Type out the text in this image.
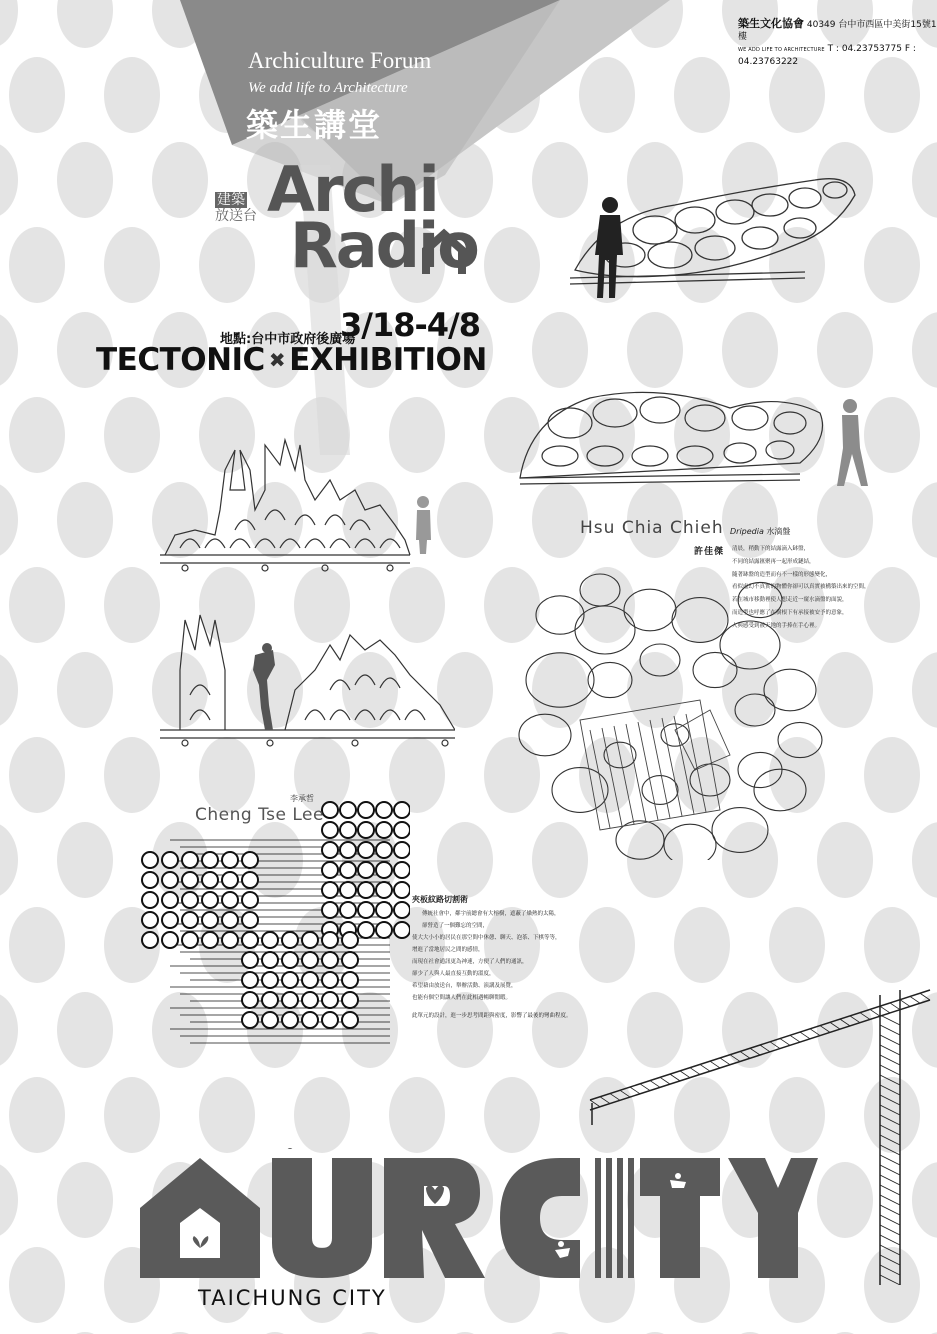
築生文化協會 40349 台中市西區中美街15號1樓
WE ADD LIFE TO ARCHITECTURE T : 04.23753775 F : 04.23763222
Archiculture Forum
We add life to Architecture
築生講堂
建築
放送台 Archi
Radio
地點:台中市政府後廣場
3/18-4/8
TECTONIC ✖ EXHIBITION
Hsu Chia Chieh Dripedia 水滴盤
許佳傑 清晨，稍動下的結露滴入缽盤，
不同的結露匯聚再一起形成鏈結，
隨著缽盤的造型而有不一樣的形態變化，
看似虛幻不真實的物體你卻可以真實被構築出來的空間，
若在城市移動裡使人想走近一窺水滴盤的面貌，
而造型也呼應了在樹根下有承接被安予的意象，
人與感受到被天地的手捧在手心裡。
李承哲
Cheng Tse Lee
夾板紋路切割術
傳統社會中，鄰宇前總會有大榕樹，遮蔽了燥熱的太陽，
卻營造了一個難忘的空間，
使大大小小的居民在那空間中休憩、聊天、泡茶、下棋等等，
增進了當地居民之間的感情，
而現在社會通訊更為神速，方便了人們的通訊，
卻少了人與人最直接互動的溫度，
希望藉由放送台，舉辦活動、演講及展覽，
也能有個空間讓人們在此相遇暢聊閒暇。
此單元的設計，進一步思考間距與密度，影響了最後的彎曲程度。
TAICHUNG CITY
